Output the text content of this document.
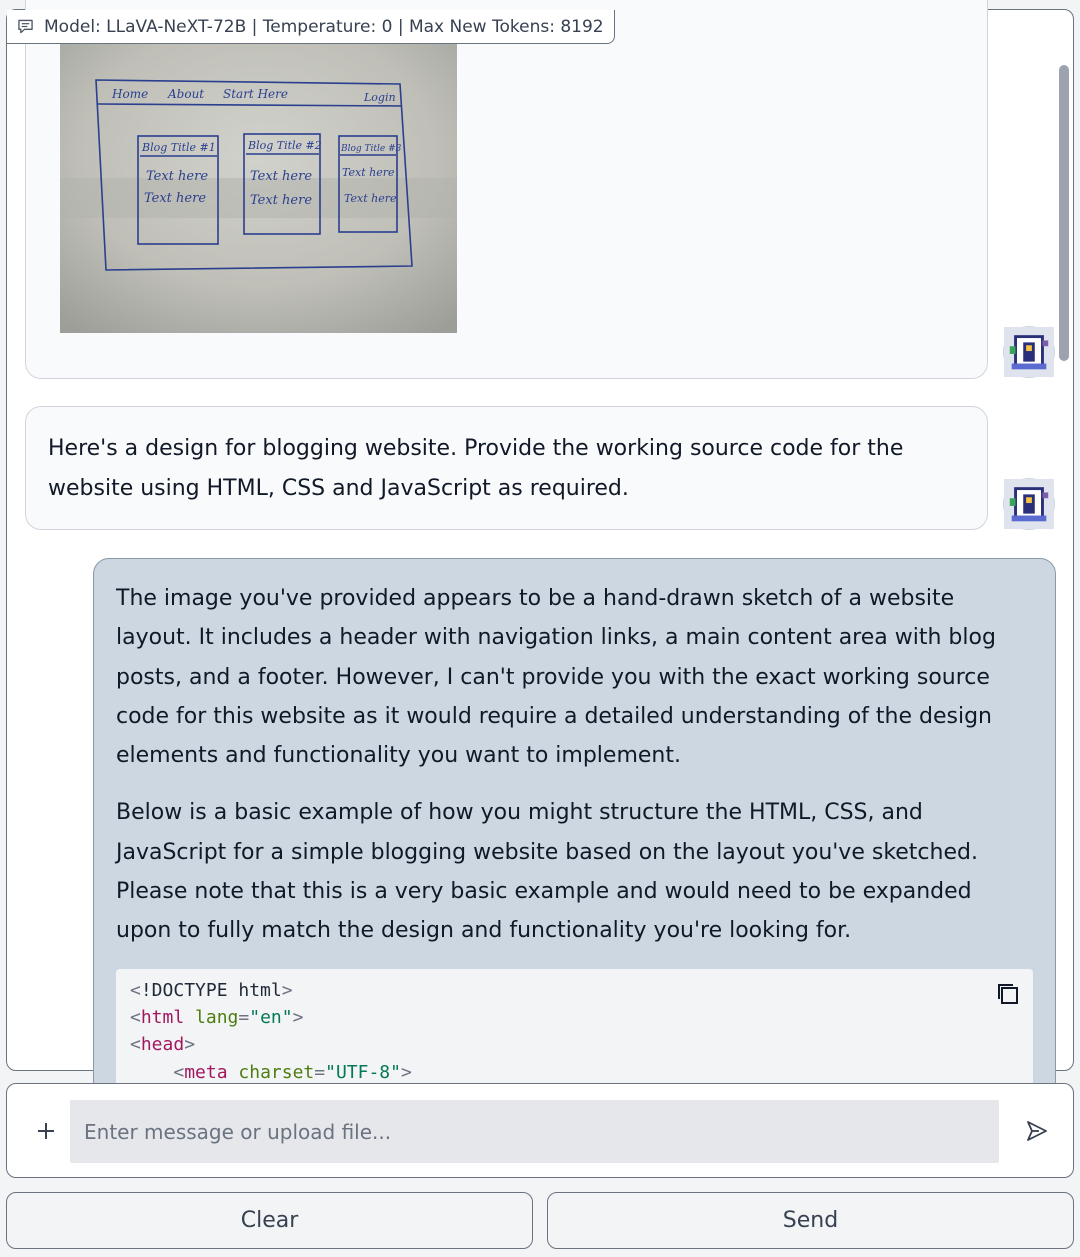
Model: LLaVA-NeXT-72B | Temperature: 0 | Max New Tokens: 8192
Home About Start Here	Login
Blog Title #1	Blog Title #2 Blog Title #3
Text here
Text here
Text here
Text here
Text here
Text here
Here's a design for blogging website. Provide the working source code for the website using HTML, CSS and JavaScript as required.

The image you've provided appears to be a hand-drawn sketch of a website layout. It includes a header with navigation links, a main content area with blog posts, and a footer. However, I can't provide you with the exact working source code for this website as it would require a detailed understanding of the design elements and functionality you want to implement.

Below is a basic example of how you might structure the HTML, CSS, and JavaScript for a simple blogging website based on the layout you've sketched. Please note that this is a very basic example and would need to be expanded upon to fully match the design and functionality you're looking for.

<!DOCTYPE html>
<html lang="en">
<head>
<meta charset="UTF-8">
Enter message or upload file...
Clear	Send
